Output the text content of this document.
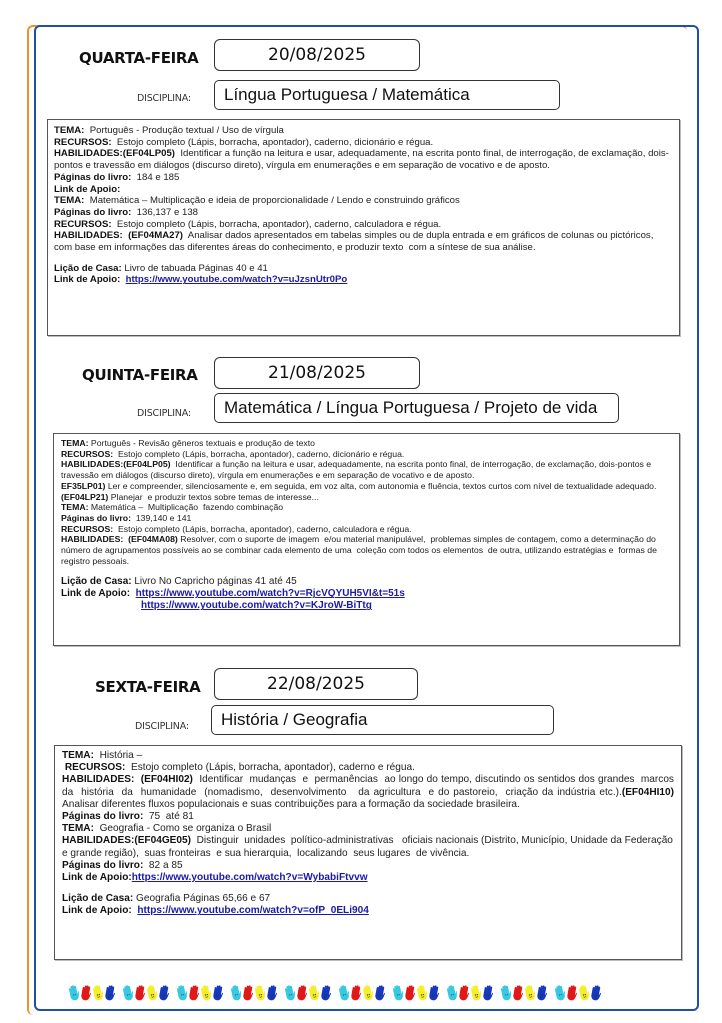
QUARTA-FEIRA	20/08/2025
DISCIPLINA:	Língua Portuguesa / Matemática

TEMA:  Português - Produção textual / Uso de vírgula

RECURSOS:  Estojo completo (Lápis, borracha, apontador), caderno, dicionário e régua.

HABILIDADES:(EF04LP05)  Identificar a função na leitura e usar, adequadamente, na escrita ponto final, de interrogação, de exclamação, dois-pontos e travessão em diálogos (discurso direto), vírgula em enumerações e em separação de vocativo e de aposto.

Páginas do livro:  184 e 185

Link de Apoio:

TEMA:  Matemática – Multiplicação e ideia de proporcionalidade / Lendo e construindo gráficos

Páginas do livro:  136,137 e 138

RECURSOS:  Estojo completo (Lápis, borracha, apontador), caderno, calculadora e régua.

HABILIDADES:  (EF04MA27)  Analisar dados apresentados em tabelas simples ou de dupla entrada e em gráficos de colunas ou pictóricos, com base em informações das diferentes áreas do conhecimento, e produzir texto  com a síntese de sua análise.

Lição de Casa: Livro de tabuada Páginas 40 e 41

Link de Apoio: https://www.youtube.com/watch?v=uJzsnUtr0Po

QUINTA-FEIRA	21/08/2025
DISCIPLINA:	Matemática / Língua Portuguesa / Projeto de vida

TEMA: Português - Revisão gêneros textuais e produção de texto

RECURSOS:  Estojo completo (Lápis, borracha, apontador), caderno, dicionário e régua.

HABILIDADES:(EF04LP05)  Identificar a função na leitura e usar, adequadamente, na escrita ponto final, de interrogação, de exclamação, dois-pontos e travessão em diálogos (discurso direto), vírgula em enumerações e em separação de vocativo e de aposto.

EF35LP01) Ler e compreender, silenciosamente e, em seguida, em voz alta, com autonomia e fluência, textos curtos com nível de textualidade adequado.(EF04LP21) Planejar  e produzir textos sobre temas de interesse...

TEMA: Matemática –  Multiplicação  fazendo combinação

Páginas do livro:  139,140 e 141

RECURSOS:  Estojo completo (Lápis, borracha, apontador), caderno, calculadora e régua.

HABILIDADES:  (EF04MA08) Resolver, com o suporte de imagem  e/ou material manipulável,  problemas simples de contagem, como a determinação do número de agrupamentos possíveis ao se combinar cada elemento de uma  coleção com todos os elementos  de outra, utilizando estratégias e  formas de registro pessoais.

Lição de Casa: Livro No Capricho páginas 41 até 45

Link de Apoio: https://www.youtube.com/watch?v=RjcVQYUH5VI&t=51s

https://www.youtube.com/watch?v=KJroW-BiTtg

SEXTA-FEIRA	22/08/2025
DISCIPLINA:	História / Geografia

TEMA:  História –

RECURSOS:  Estojo completo (Lápis, borracha, apontador), caderno e régua.

HABILIDADES:  (EF04HI02)  Identificar  mudanças  e  permanências  ao longo do tempo, discutindo os sentidos dos grandes  marcos  da  história  da  humanidade  (nomadismo,  desenvolvimento   da agricultura  e do pastoreio,  criação da indústria etc.).(EF04HI10)  Analisar diferentes fluxos populacionais e suas contribuições para a formação da sociedade brasileira.

Páginas do livro:  75  até 81

TEMA:  Geografia - Como se organiza o Brasil

HABILIDADES:(EF04GE05)  Distinguir  unidades  político-administrativas   oficiais nacionais (Distrito, Município, Unidade da Federação e grande região),  suas fronteiras  e sua hierarquia,  localizando  seus lugares  de vivência.

Páginas do livro:  82 a 85

Link de Apoio:https://www.youtube.com/watch?v=WybabiFtvvw

Lição de Casa: Geografia Páginas 65,66 e 67

Link de Apoio: https://www.youtube.com/watch?v=ofP_0ELi904
